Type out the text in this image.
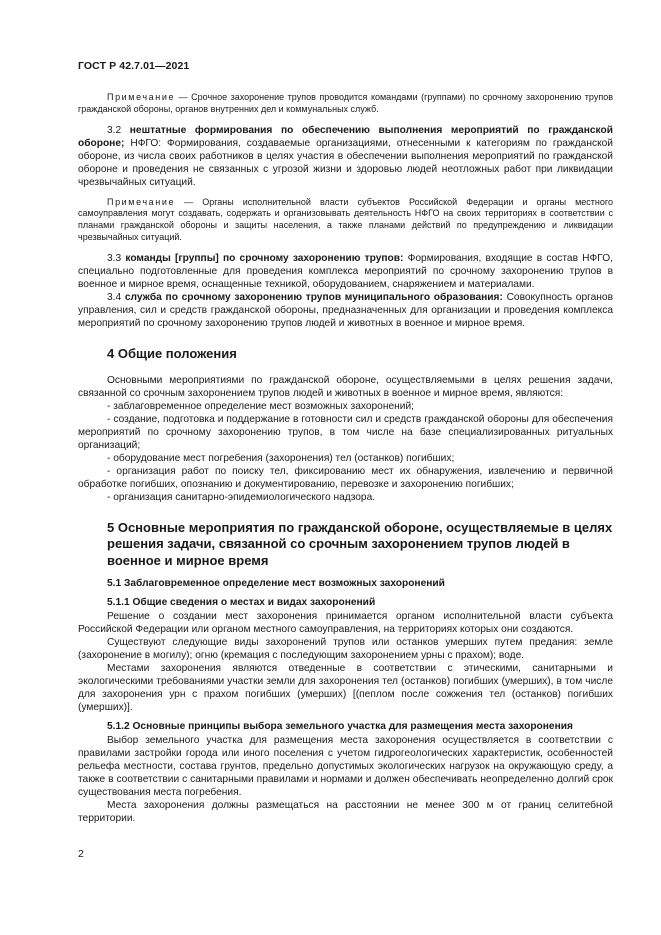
ГОСТ Р 42.7.01—2021

Примечание — Срочное захоронение трупов проводится командами (группами) по срочному захоронению трупов гражданской обороны, органов внутренних дел и коммунальных служб.

3.2 нештатные формирования по обеспечению выполнения мероприятий по гражданской обороне; НФГО: Формирования, создаваемые организациями, отнесенными к категориям по гражданской обороне, из числа своих работников в целях участия в обеспечении выполнения мероприятий по гражданской обороне и проведения не связанных с угрозой жизни и здоровью людей неотложных работ при ликвидации чрезвычайных ситуаций.

Примечание — Органы исполнительной власти субъектов Российской Федерации и органы местного самоуправления могут создавать, содержать и организовывать деятельность НФГО на своих территориях в соответствии с планами гражданской обороны и защиты населения, а также планами действий по предупреждению и ликвидации чрезвычайных ситуаций.

3.3 команды [группы] по срочному захоронению трупов: Формирования, входящие в состав НФГО, специально подготовленные для проведения комплекса мероприятий по срочному захоронению трупов в военное и мирное время, оснащенные техникой, оборудованием, снаряжением и материалами.

3.4 служба по срочному захоронению трупов муниципального образования: Совокупность органов управления, сил и средств гражданской обороны, предназначенных для организации и проведения комплекса мероприятий по срочному захоронению трупов людей и животных в военное и мирное время.

4 Общие положения

Основными мероприятиями по гражданской обороне, осуществляемыми в целях решения задачи, связанной со срочным захоронением трупов людей и животных в военное и мирное время, являются:

- заблаговременное определение мест возможных захоронений;

- создание, подготовка и поддержание в готовности сил и средств гражданской обороны для обеспечения мероприятий по срочному захоронению трупов, в том числе на базе специализированных ритуальных организаций;

- оборудование мест погребения (захоронения) тел (останков) погибших;

- организация работ по поиску тел, фиксированию мест их обнаружения, извлечению и первичной обработке погибших, опознанию и документированию, перевозке и захоронению погибших;

- организация санитарно-эпидемиологического надзора.

5 Основные мероприятия по гражданской обороне, осуществляемые в целях решения задачи, связанной со срочным захоронением трупов людей в военное и мирное время

5.1 Заблаговременное определение мест возможных захоронений

5.1.1 Общие сведения о местах и видах захоронений

Решение о создании мест захоронения принимается органом исполнительной власти субъекта Российской Федерации или органом местного самоуправления, на территориях которых они создаются.

Существуют следующие виды захоронений трупов или останков умерших путем предания: земле (захоронение в могилу); огню (кремация с последующим захоронением урны с прахом); воде.

Местами захоронения являются отведенные в соответствии с этическими, санитарными и экологическими требованиями участки земли для захоронения тел (останков) погибших (умерших), в том числе для захоронения урн с прахом погибших (умерших) [(пеплом после сожжения тел (останков) погибших (умерших)].

5.1.2 Основные принципы выбора земельного участка для размещения места захоронения

Выбор земельного участка для размещения места захоронения осуществляется в соответствии с правилами застройки города или иного поселения с учетом гидрогеологических характеристик, особенностей рельефа местности, состава грунтов, предельно допустимых экологических нагрузок на окружающую среду, а также в соответствии с санитарными правилами и нормами и должен обеспечивать неопределенно долгий срок существования места погребения.

Места захоронения должны размещаться на расстоянии не менее 300 м от границ селитебной территории.

2
